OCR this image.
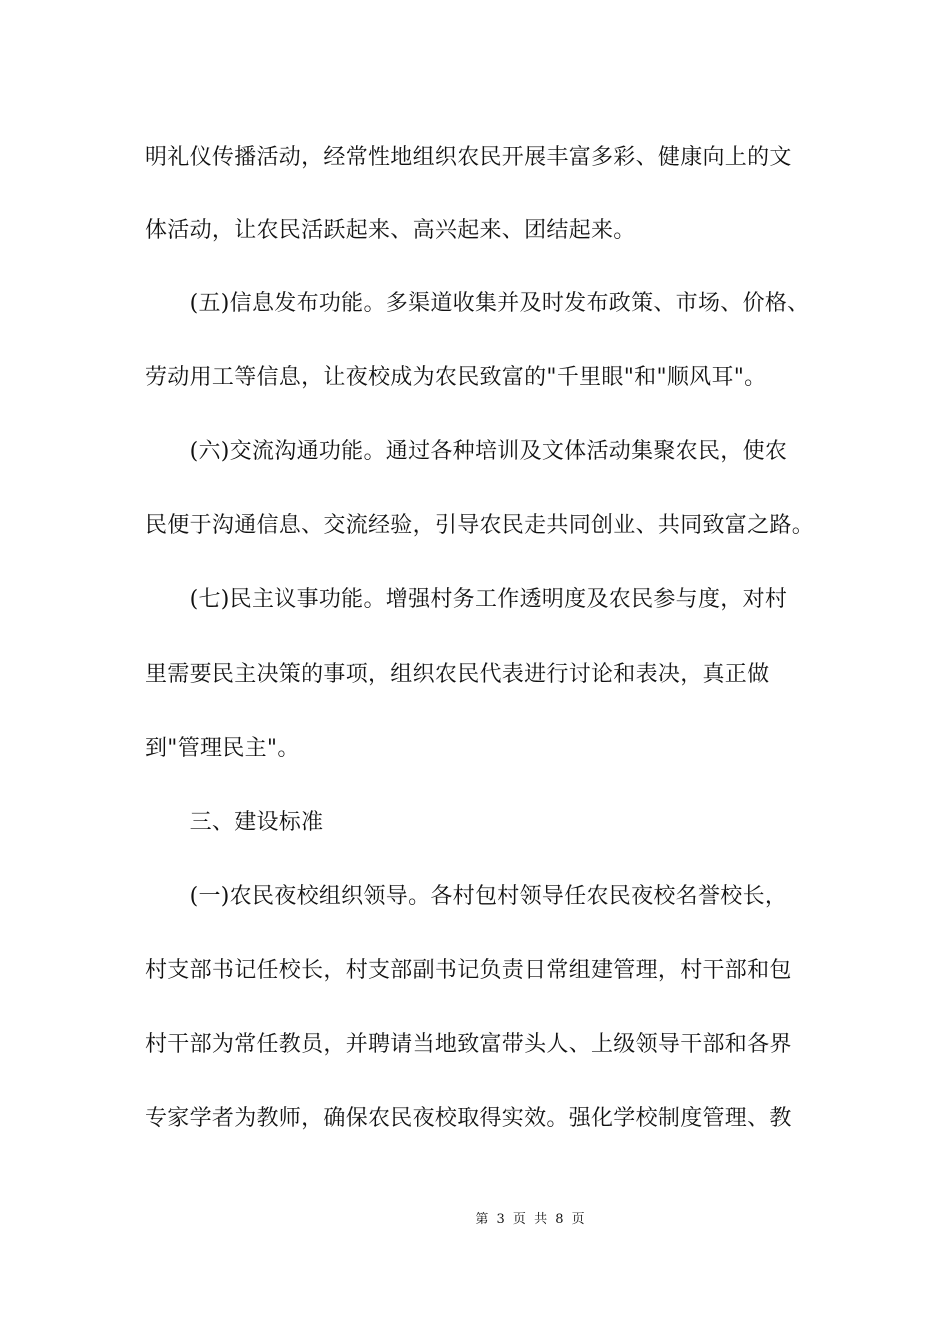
明礼仪传播活动，经常性地组织农民开展丰富多彩、健康向上的文
体活动，让农民活跃起来、高兴起来、团结起来。
　　(五)信息发布功能。多渠道收集并及时发布政策、市场、价格、
劳动用工等信息，让夜校成为农民致富的"千里眼"和"顺风耳"。
　　(六)交流沟通功能。通过各种培训及文体活动集聚农民，使农
民便于沟通信息、交流经验，引导农民走共同创业、共同致富之路。
　　(七)民主议事功能。增强村务工作透明度及农民参与度，对村
里需要民主决策的事项，组织农民代表进行讨论和表决，真正做
到"管理民主"。
　　三、建设标准
　　(一)农民夜校组织领导。各村包村领导任农民夜校名誉校长，
村支部书记任校长，村支部副书记负责日常组建管理，村干部和包
村干部为常任教员，并聘请当地致富带头人、上级领导干部和各界
专家学者为教师，确保农民夜校取得实效。强化学校制度管理、教
第 3 页 共 8 页
